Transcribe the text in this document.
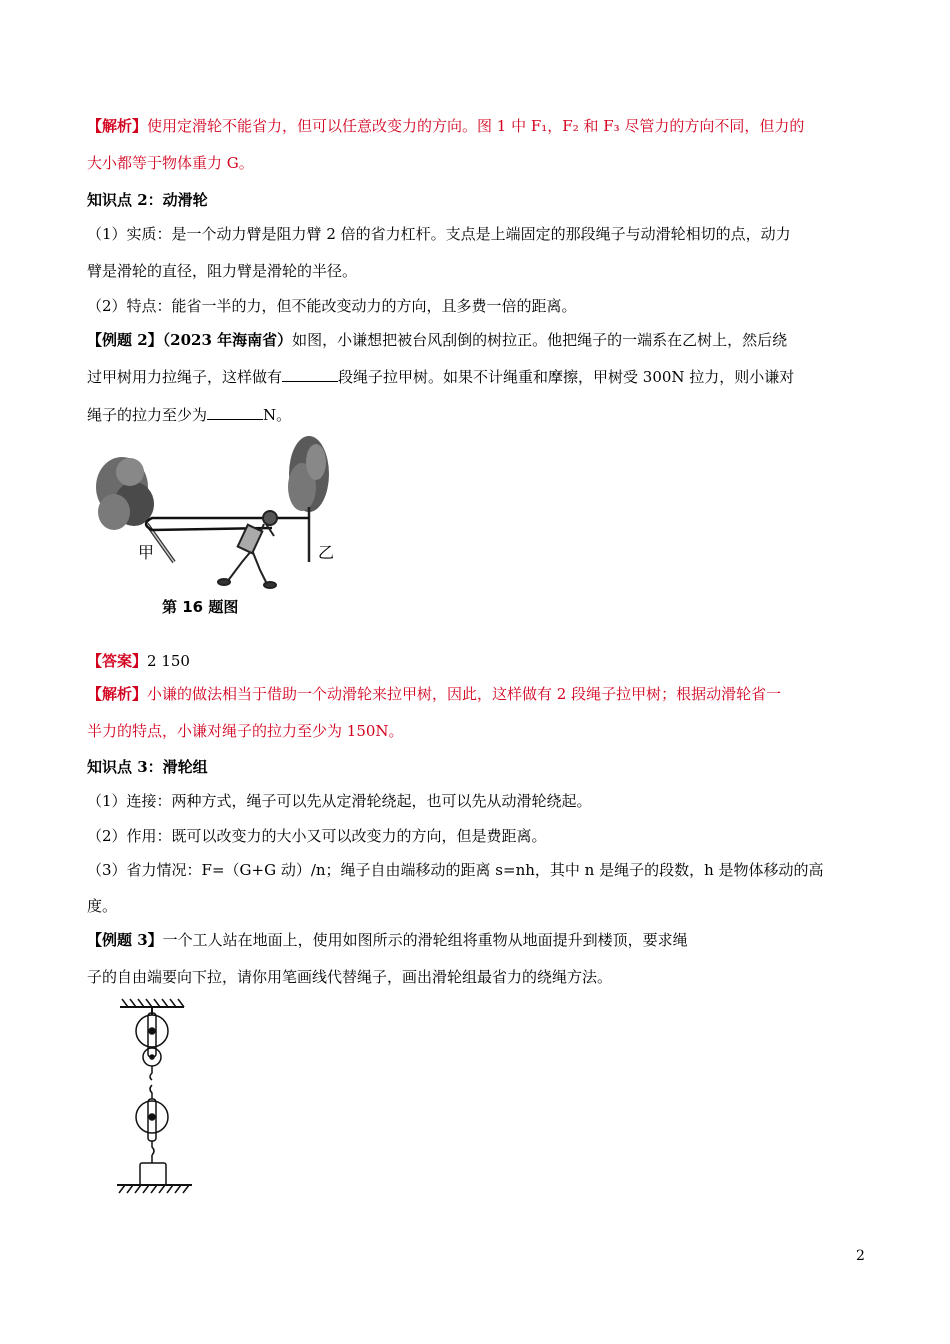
【解析】使用定滑轮不能省力，但可以任意改变力的方向。图 1 中 F₁，F₂ 和 F₃ 尽管力的方向不同，但力的
大小都等于物体重力 G。
知识点 2：动滑轮
（1）实质：是一个动力臂是阻力臂 2 倍的省力杠杆。支点是上端固定的那段绳子与动滑轮相切的点，动力
臂是滑轮的直径，阻力臂是滑轮的半径。
（2）特点：能省一半的力，但不能改变动力的方向，且多费一倍的距离。
【例题 2】（2023 年海南省）如图，小谦想把被台风刮倒的树拉正。他把绳子的一端系在乙树上，然后绕
过甲树用力拉绳子，这样做有	段绳子拉甲树。如果不计绳重和摩擦，甲树受 300N 拉力，则小谦对
绳子的拉力至少为	N。
甲	乙
第 16 题图
【答案】2 150
【解析】小谦的做法相当于借助一个动滑轮来拉甲树，因此，这样做有 2 段绳子拉甲树；根据动滑轮省一
半力的特点，小谦对绳子的拉力至少为 150N。
知识点 3：滑轮组
（1）连接：两种方式，绳子可以先从定滑轮绕起，也可以先从动滑轮绕起。
（2）作用：既可以改变力的大小又可以改变力的方向，但是费距离。
（3）省力情况：F=（G+G 动）/n；绳子自由端移动的距离 s=nh，其中 n 是绳子的段数，h 是物体移动的高
度。
【例题 3】一个工人站在地面上，使用如图所示的滑轮组将重物从地面提升到楼顶，要求绳
子的自由端要向下拉，请你用笔画线代替绳子，画出滑轮组最省力的绕绳方法。
2
